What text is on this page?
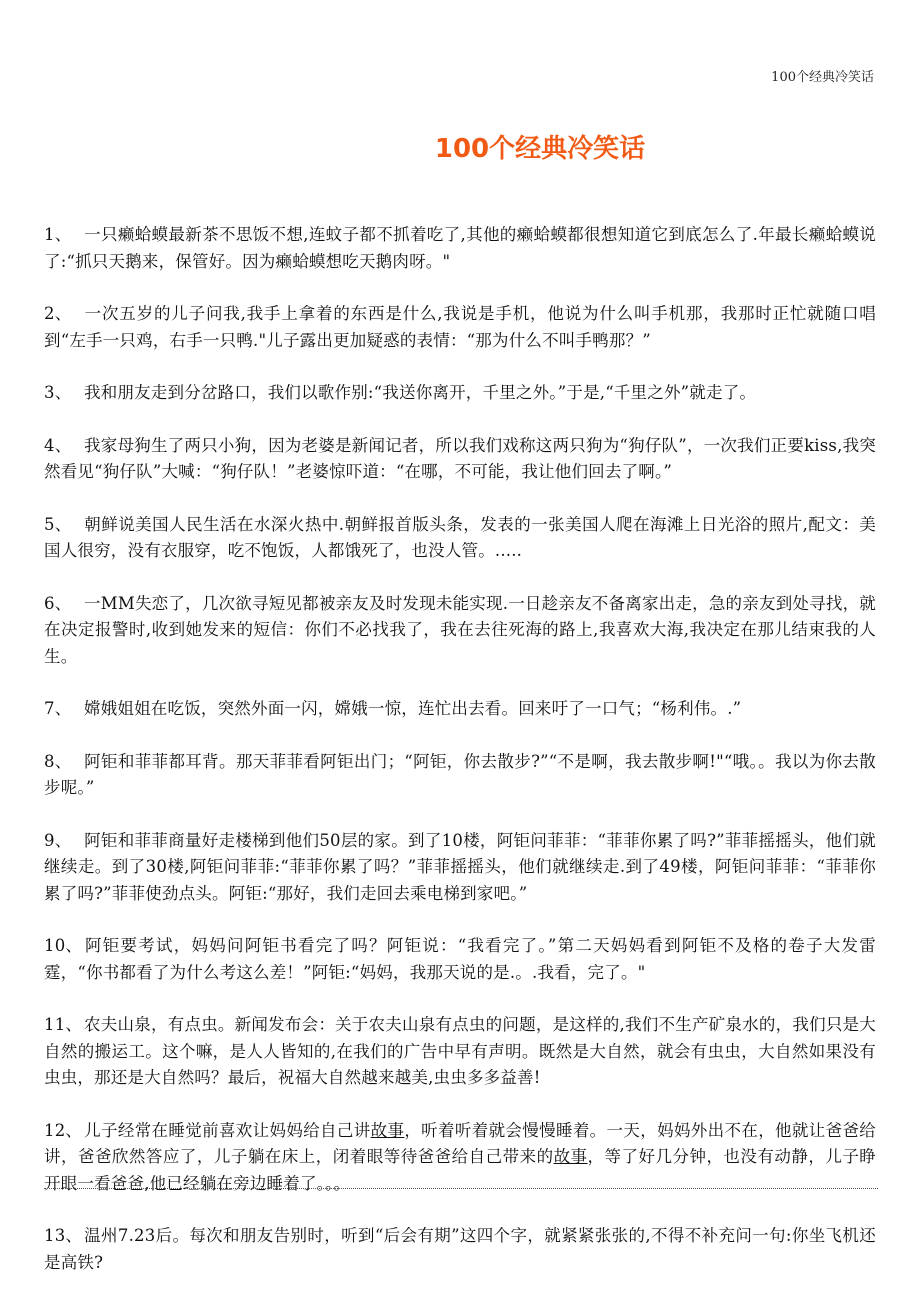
100个经典冷笑话
100个经典冷笑话

1、 一只癞蛤蟆最新茶不思饭不想,连蚊子都不抓着吃了,其他的癞蛤蟆都很想知道它到底怎么了.年最长癞蛤蟆说了:“抓只天鹅来，保管好。因为癞蛤蟆想吃天鹅肉呀。"

2、 一次五岁的儿子问我,我手上拿着的东西是什么,我说是手机，他说为什么叫手机那，我那时正忙就随口唱到“左手一只鸡，右手一只鸭."儿子露出更加疑惑的表情：“那为什么不叫手鸭那？”

3、 我和朋友走到分岔路口，我们以歌作别:“我送你离开，千里之外。”于是,“千里之外”就走了。

4、 我家母狗生了两只小狗，因为老婆是新闻记者，所以我们戏称这两只狗为“狗仔队”，一次我们正要kiss,我突然看见“狗仔队”大喊：“狗仔队！”老婆惊吓道：“在哪，不可能，我让他们回去了啊。”

5、 朝鲜说美国人民生活在水深火热中.朝鲜报首版头条，发表的一张美国人爬在海滩上日光浴的照片,配文：美国人很穷，没有衣服穿，吃不饱饭，人都饿死了，也没人管。.....

6、 一MM失恋了，几次欲寻短见都被亲友及时发现未能实现.一日趁亲友不备离家出走，急的亲友到处寻找，就在决定报警时,收到她发来的短信：你们不必找我了，我在去往死海的路上,我喜欢大海,我决定在那儿结束我的人生。

7、 嫦娥姐姐在吃饭，突然外面一闪，嫦娥一惊，连忙出去看。回来吁了一口气；“杨利伟。.”

8、 阿钜和菲菲都耳背。那天菲菲看阿钜出门；“阿钜，你去散步?”“不是啊，我去散步啊!"“哦。。我以为你去散步呢。”

9、 阿钜和菲菲商量好走楼梯到他们50层的家。到了10楼，阿钜问菲菲：“菲菲你累了吗?”菲菲摇摇头，他们就继续走。到了30楼,阿钜问菲菲:“菲菲你累了吗？”菲菲摇摇头，他们就继续走.到了49楼，阿钜问菲菲：“菲菲你累了吗?”菲菲使劲点头。阿钜:“那好，我们走回去乘电梯到家吧。”

10、 阿钜要考试，妈妈问阿钜书看完了吗？阿钜说：“我看完了。”第二天妈妈看到阿钜不及格的卷子大发雷霆，“你书都看了为什么考这么差！”阿钜:“妈妈，我那天说的是.。.我看，完了。"

11、 农夫山泉，有点虫。新闻发布会：关于农夫山泉有点虫的问题，是这样的,我们不生产矿泉水的，我们只是大自然的搬运工。这个嘛，是人人皆知的,在我们的广告中早有声明。既然是大自然，就会有虫虫，大自然如果没有虫虫，那还是大自然吗？最后，祝福大自然越来越美,虫虫多多益善!

12、 儿子经常在睡觉前喜欢让妈妈给自己讲故事，听着听着就会慢慢睡着。一天，妈妈外出不在，他就让爸爸给讲，爸爸欣然答应了，儿子躺在床上，闭着眼等待爸爸给自己带来的故事，等了好几分钟，也没有动静，儿子睁开眼一看爸爸,他已经躺在旁边睡着了。。。

13、 温州7.23后。每次和朋友告别时，听到“后会有期”这四个字，就紧紧张张的,不得不补充问一句:你坐飞机还是高铁?
